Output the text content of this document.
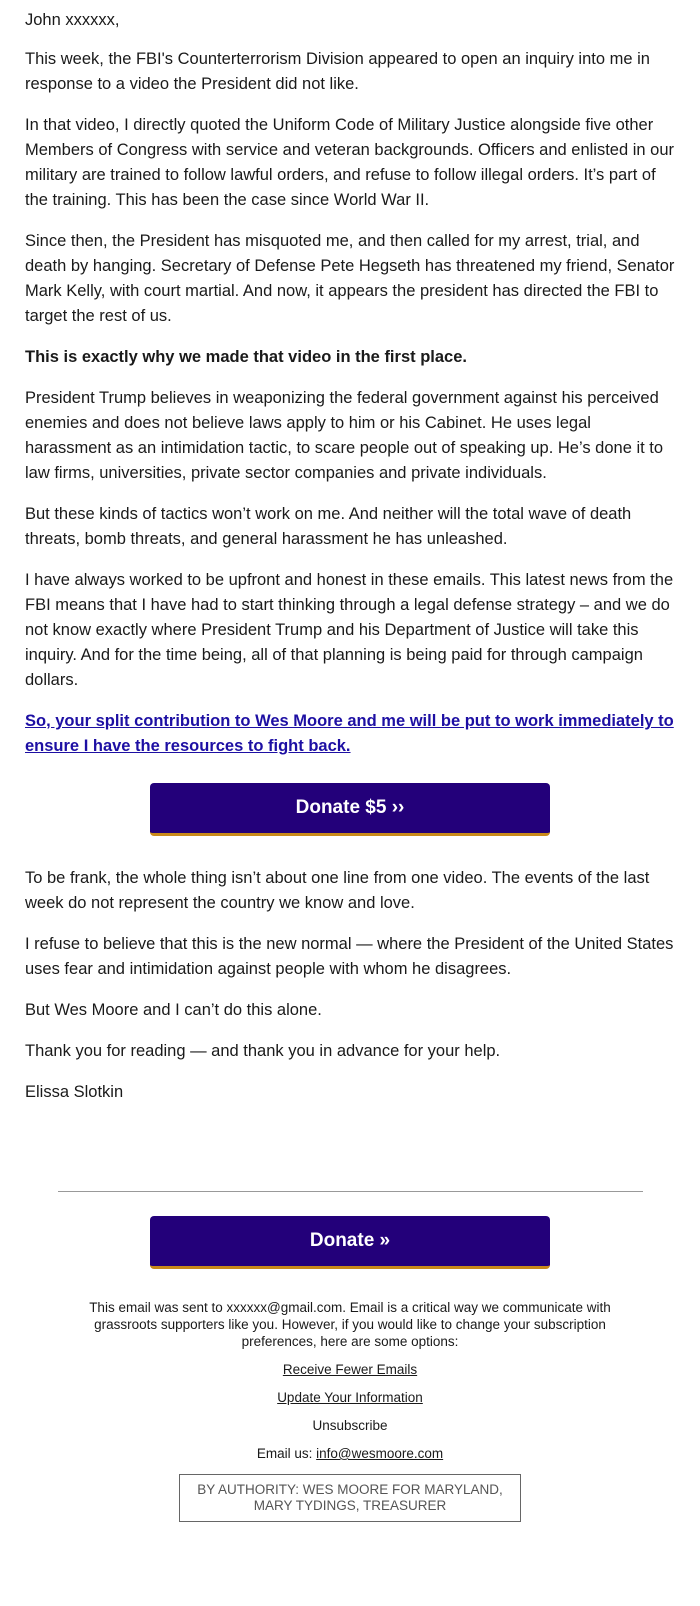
John xxxxxx,

This week, the FBI's Counterterrorism Division appeared to open an inquiry into me in response to a video the President did not like.

In that video, I directly quoted the Uniform Code of Military Justice alongside five other Members of Congress with service and veteran backgrounds. Officers and enlisted in our military are trained to follow lawful orders, and refuse to follow illegal orders. It’s part of the training. This has been the case since World War II.

Since then, the President has misquoted me, and then called for my arrest, trial, and death by hanging. Secretary of Defense Pete Hegseth has threatened my friend, Senator Mark Kelly, with court martial. And now, it appears the president has directed the FBI to target the rest of us.

This is exactly why we made that video in the first place.

President Trump believes in weaponizing the federal government against his perceived enemies and does not believe laws apply to him or his Cabinet. He uses legal harassment as an intimidation tactic, to scare people out of speaking up. He’s done it to law firms, universities, private sector companies and private individuals.

But these kinds of tactics won’t work on me. And neither will the total wave of death threats, bomb threats, and general harassment he has unleashed.

I have always worked to be upfront and honest in these emails. This latest news from the FBI means that I have had to start thinking through a legal defense strategy – and we do not know exactly where President Trump and his Department of Justice will take this inquiry. And for the time being, all of that planning is being paid for through campaign dollars.

So, your split contribution to Wes Moore and me will be put to work immediately to ensure I have the resources to fight back.

Donate $5 ››

To be frank, the whole thing isn’t about one line from one video. The events of the last week do not represent the country we know and love.

I refuse to believe that this is the new normal — where the President of the United States uses fear and intimidation against people with whom he disagrees.

But Wes Moore and I can’t do this alone.

Thank you for reading — and thank you in advance for your help.

Elissa Slotkin

Donate »

This email was sent to xxxxxx@gmail.com. Email is a critical way we communicate with grassroots supporters like you. However, if you would like to change your subscription preferences, here are some options:

Receive Fewer Emails

Update Your Information

Unsubscribe

Email us: info@wesmoore.com

BY AUTHORITY: WES MOORE FOR MARYLAND,
MARY TYDINGS, TREASURER
